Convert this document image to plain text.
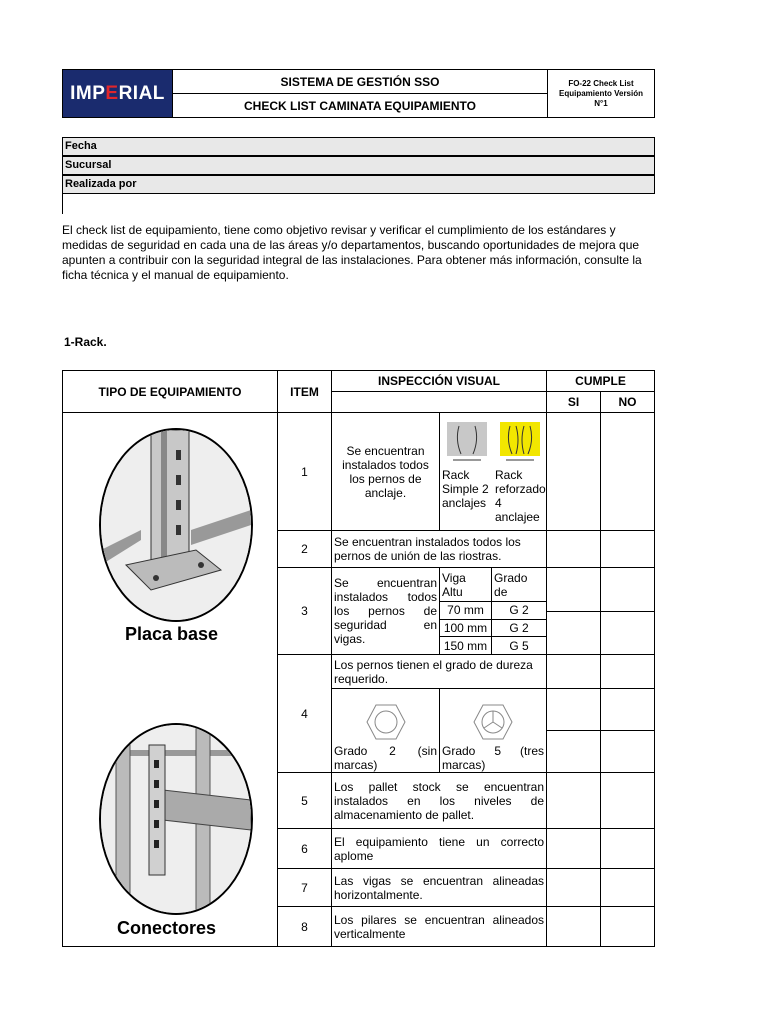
IMP E RIAL
SISTEMA DE GESTIÓN SSO
CHECK LIST CAMINATA EQUIPAMIENTO
FO-22 Check List
Equipamiento Versión
N°1
Fecha
Sucursal
Realizada por
El check list de equipamiento, tiene como objetivo revisar y verificar el cumplimiento de los estándares y medidas de seguridad en cada una de las áreas y/o departamentos, buscando oportunidades de mejora que apunten a contribuir con la seguridad integral de las instalaciones. Para obtener más información, consulte la ficha técnica y el manual de equipamiento.
1-Rack.
TIPO DE EQUIPAMIENTO	ITEM	INSPECCIÓN VISUAL	CUMPLE
	SI	NO

Placa base
Conectores
	1	Se encuentran instalados todos los pernos de anclaje.	
Rack Simple 2 anclajes
Rack reforzado 4 anclajee

2	Se encuentran instalados todos los pernos de unión de las riostras.		
3	Se encuentran instalados todos los pernos de seguridad en vigas.	
Viga Altu	Grado de
70 mm	G 2
100 mm	G 2
150 mm	G 5

4	Los pernos tienen el grado de dureza requerido.		

Grado 2 (sin marcas)

Grado 5 (tres marcas)

5	Los pallet stock se encuentran instalados en los niveles de almacenamiento de pallet.		
6	El equipamiento tiene un correcto aplome		
7	Las vigas se encuentran alineadas horizontalmente.		
8	Los pilares se encuentran alineados verticalmente		
